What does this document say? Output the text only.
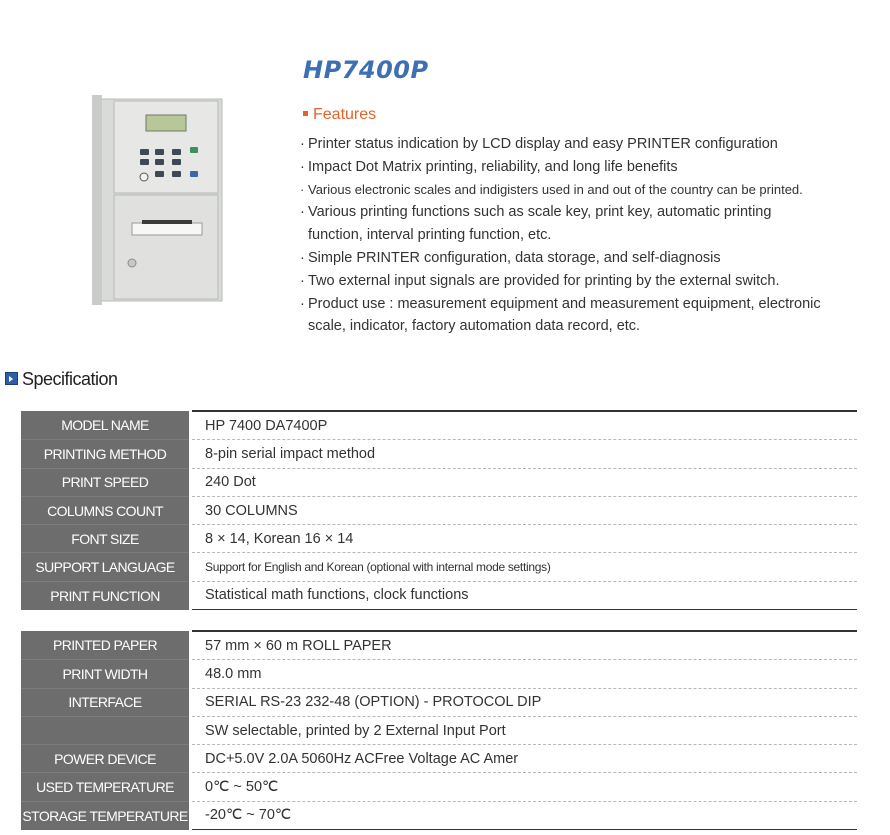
HP7400P
Features
· Printer status indication by LCD display and easy PRINTER configuration
· Impact Dot Matrix printing, reliability, and long life benefits
· Various electronic scales and indigisters used in and out of the country can be printed.
· Various printing functions such as scale key, print key, automatic printing
function, interval printing function, etc.
· Simple PRINTER configuration, data storage, and self-diagnosis
· Two external input signals are provided for printing by the external switch.
· Product use : measurement equipment and measurement equipment, electronic
scale, indicator, factory automation data record, etc.
Specification
MODEL NAME		HP 7400 DA7400P
PRINTING METHOD		8-pin serial impact method
PRINT SPEED		240 Dot
COLUMNS COUNT		30 COLUMNS
FONT SIZE		8 × 14, Korean 16 × 14
SUPPORT LANGUAGE		Support for English and Korean (optional with internal mode settings)
PRINT FUNCTION		Statistical math functions, clock functions
PRINTED PAPER		57 mm × 60 m ROLL PAPER
PRINT WIDTH		48.0 mm
INTERFACE		SERIAL RS-23 232-48 (OPTION) - PROTOCOL DIP
		SW selectable, printed by 2 External Input Port
POWER DEVICE		DC+5.0V 2.0A 5060Hz ACFree Voltage AC Amer
USED TEMPERATURE		0℃ ~ 50℃
STORAGE TEMPERATURE		-20℃ ~ 70℃
